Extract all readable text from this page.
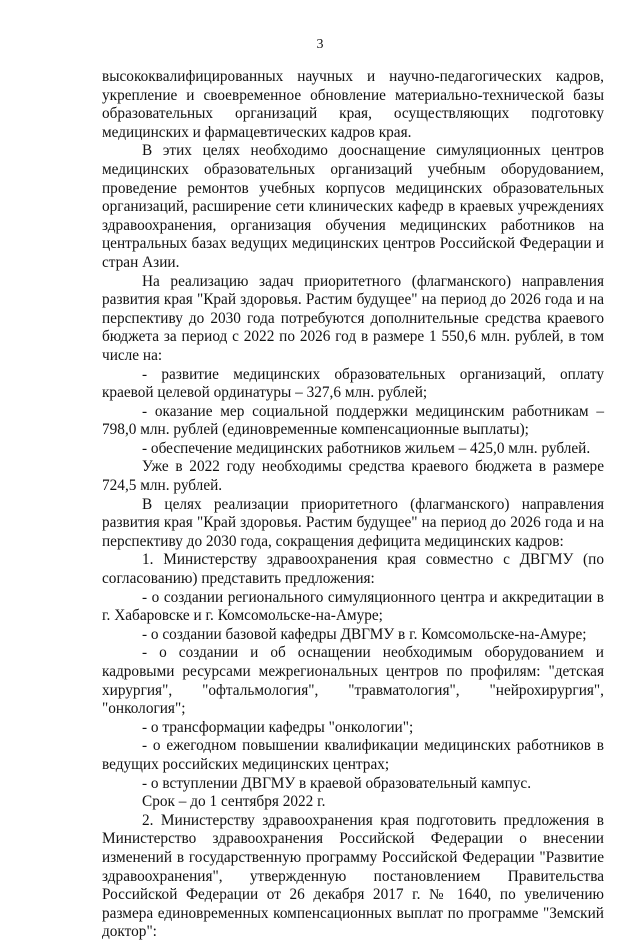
3

высококвалифицированных научных и научно-педагогических кадров, укрепление и своевременное обновление материально-технической базы образовательных организаций края, осуществляющих подготовку медицинских и фармацевтических кадров края.

В этих целях необходимо дооснащение симуляционных центров медицинских образовательных организаций учебным оборудованием, проведение ремонтов учебных корпусов медицинских образовательных организаций, расширение сети клинических кафедр в краевых учреждениях здравоохранения, организация обучения медицинских работников на центральных базах ведущих медицинских центров Российской Федерации и стран Азии.

На реализацию задач приоритетного (флагманского) направления развития края "Край здоровья. Растим будущее" на период до 2026 года и на перспективу до 2030 года потребуются дополнительные средства краевого бюджета за период с 2022 по 2026 год в размере 1 550,6 млн. рублей, в том числе на:

- развитие медицинских образовательных организаций, оплату краевой целевой ординатуры – 327,6 млн. рублей;

- оказание мер социальной поддержки медицинским работникам – 798,0 млн. рублей (единовременные компенсационные выплаты);

- обеспечение медицинских работников жильем – 425,0 млн. рублей.

Уже в 2022 году необходимы средства краевого бюджета в размере 724,5 млн. рублей.

В целях реализации приоритетного (флагманского) направления развития края "Край здоровья. Растим будущее" на период до 2026 года и на перспективу до 2030 года, сокращения дефицита медицинских кадров:

1. Министерству здравоохранения края совместно с ДВГМУ (по согласованию) представить предложения:

- о создании регионального симуляционного центра и аккредитации в г. Хабаровске и г. Комсомольске-на-Амуре;

- о создании базовой кафедры ДВГМУ в г. Комсомольске-на-Амуре;

- о создании и об оснащении необходимым оборудованием и кадровыми ресурсами межрегиональных центров по профилям: "детская хирургия", "офтальмология", "травматология", "нейрохирургия", "онкология";

- о трансформации кафедры "онкологии";

- о ежегодном повышении квалификации медицинских работников в ведущих российских медицинских центрах;

- о вступлении ДВГМУ в краевой образовательный кампус.

Срок – до 1 сентября 2022 г.

2. Министерству здравоохранения края подготовить предложения в Министерство здравоохранения Российской Федерации о внесении изменений в государственную программу Российской Федерации "Развитие здравоохранения", утвержденную постановлением Правительства Российской Федерации от 26 декабря 2017 г. № 1640, по увеличению размера единовременных компенсационных выплат по программе "Земский доктор":
